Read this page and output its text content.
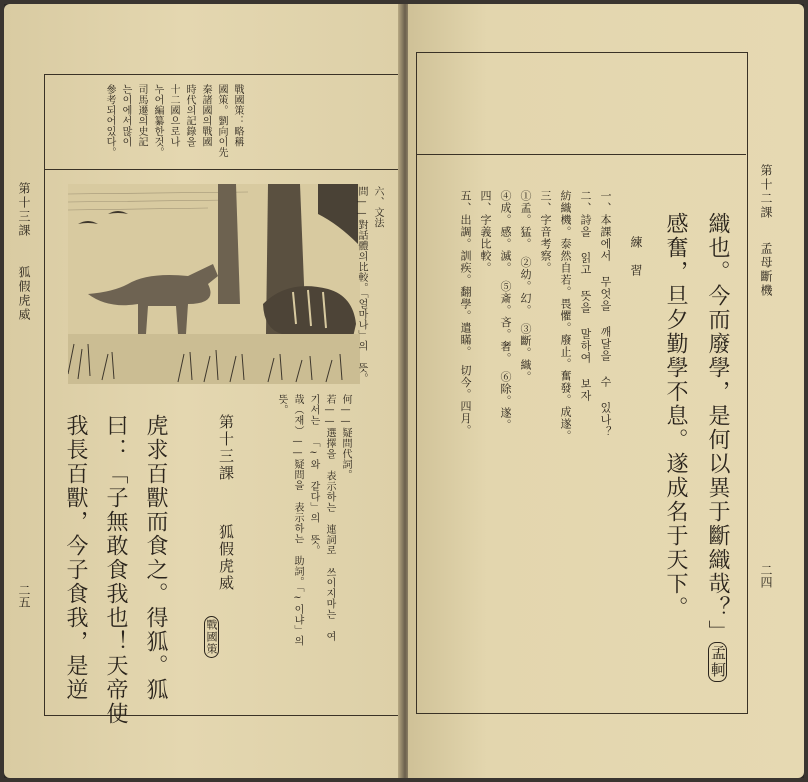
第十三課
狐假虎威
二五
戰國策：略稱
國策。劉向이先
秦諸國의戰國
時代의記錄을
十二國으로나
누어編纂한것。
司馬遷의史記
는이에서많이
參考되어있다。
六、文法
問——對話體의比較。「얼마나」의 뜻。
何——疑問代詞。
若——選擇을 表示하는 連詞로 쓰이지마는 여
기서는 「~와 같다」의 뜻。
哉（재）——疑問을 表示하는 助詞。「~이냐」의
뜻。
第十三課
狐假虎威
戰國策
虎求百獸而食之。得狐。狐
曰：「子無敢食我也！天帝使
我長百獸，今子食我，是逆
第十二課
孟母斷機
二四
織也。今而廢學，是何以異于斷織哉？」
感奮，旦夕勤學不息。遂成名于天下。
孟軻
練　習
一、本課에서 무엇을 깨달을 수 있나？
二、詩을 읽고 뜻을 말하여 보자
紡織機。泰然自若。畏懼。廢止。奮發。成遂。
三、字音考察。
①孟。猛。　②幼。幻。　③斷。織。
④成。感。滅。　⑤斎。吝。奢。　⑥除。遂。
四、字義比較。
五、出調。訓疾。翻學。遣瞞。　切今。四月。
